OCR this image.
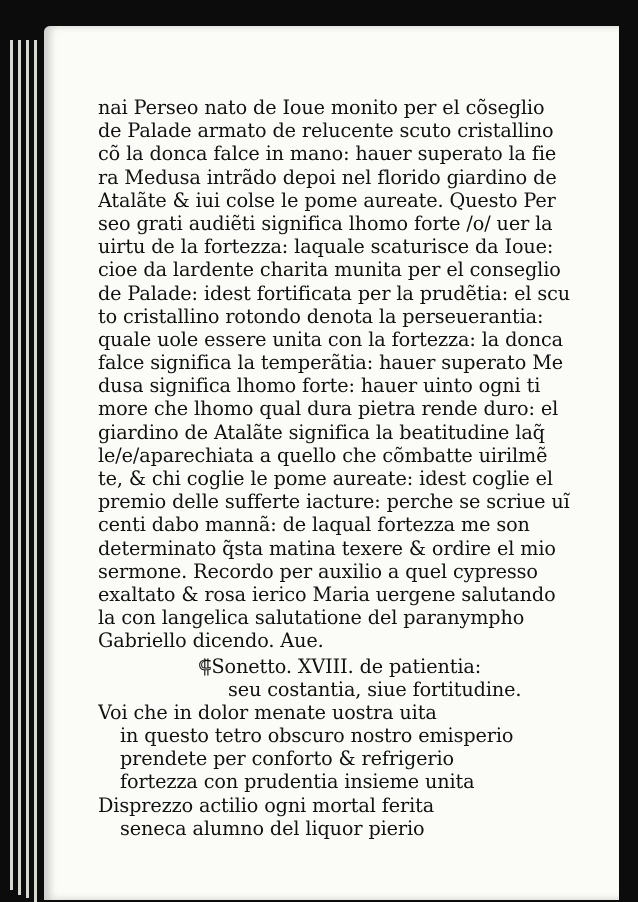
nai Perseo nato de Ioue monito per el cõseglio
de Palade armato de relucente scuto cristallino
cõ la donca falce in mano: hauer superato la fie
ra Medusa intrãdo depoi nel florido giardino de
Atalãte & iui colse le pome aureate. Questo Per
seo grati audiẽti significa lhomo forte /o/ uer la
uirtu de la fortezza: laquale scaturisce da Ioue:
cioe da lardente charita munita per el conseglio
de Palade: idest fortificata per la prudẽtia: el scu
to cristallino rotondo denota la perseuerantia:
quale uole essere unita con la fortezza: la donca
falce significa la temperãtia: hauer superato Me
dusa significa lhomo forte: hauer uinto ogni ti
more che lhomo qual dura pietra rende duro: el
giardino de Atalãte significa la beatitudine laq̃
le/e/aparechiata a quello che cõmbatte uirilmẽ
te, & chi coglie le pome aureate: idest coglie el
premio delle sufferte iacture: perche se scriue uĩ
centi dabo mannã: de laqual fortezza me son
determinato q̃sta matina texere & ordire el mio
sermone. Recordo per auxilio a quel cypresso
exaltato & rosa ierico Maria uergene salutando
la con langelica salutatione del paranympho
Gabriello dicendo. Aue.
⸿Sonetto. XVIII. de patientia:
seu costantia, siue fortitudine.
Voi che in dolor menate uostra uita
in questo tetro obscuro nostro emisperio
prendete per conforto & refrigerio
fortezza con prudentia insieme unita
Disprezzo actilio ogni mortal ferita
seneca alumno del liquor pierio
